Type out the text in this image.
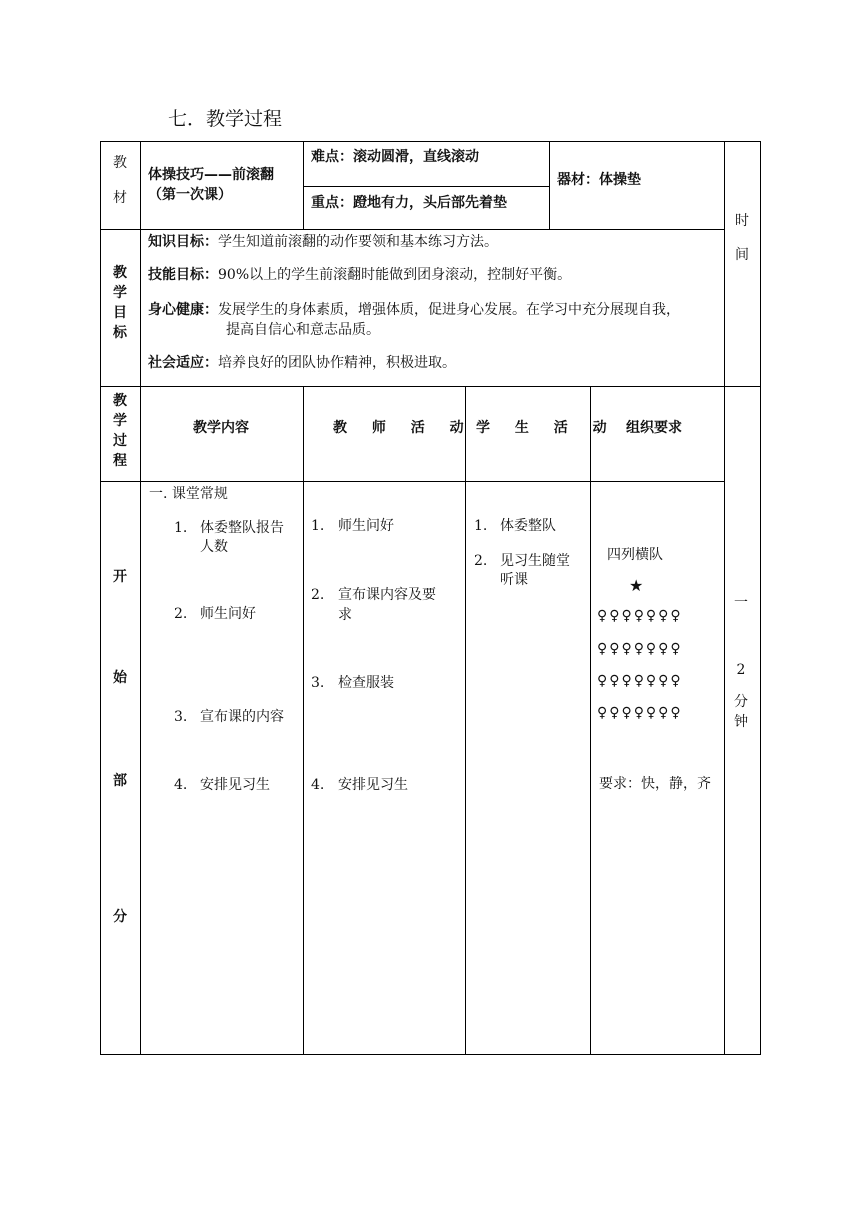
七．教学过程
教
材
体操技巧——前滚翻
（第一次课）
难点：滚动圆滑，直线滚动
重点：蹬地有力，头后部先着垫
器材：体操垫
时
间
教
学
目
标
知识目标：学生知道前滚翻的动作要领和基本练习方法。
技能目标：90%以上的学生前滚翻时能做到团身滚动，控制好平衡。
身心健康：发展学生的身体素质，增强体质，促进身心发展。在学习中充分展现自我，
提高自信心和意志品质。
社会适应：培养良好的团队协作精神，积极进取。
教
学
过
程
教学内容	教 师 活 动 学 生 活 动 组织要求
开
始
部
分
一. 课堂常规
1. 体委整队报告
人数
2. 师生问好
3. 宣布课的内容
4. 安排见习生
1. 师生问好
2. 宣布课内容及要
求
3. 检查服装
4. 安排见习生
1. 体委整队
2. 见习生随堂
听课
四列横队
★
♀♀♀♀♀♀♀
♀♀♀♀♀♀♀
♀♀♀♀♀♀♀
♀♀♀♀♀♀♀
要求：快，静，齐
一
2
分钟
